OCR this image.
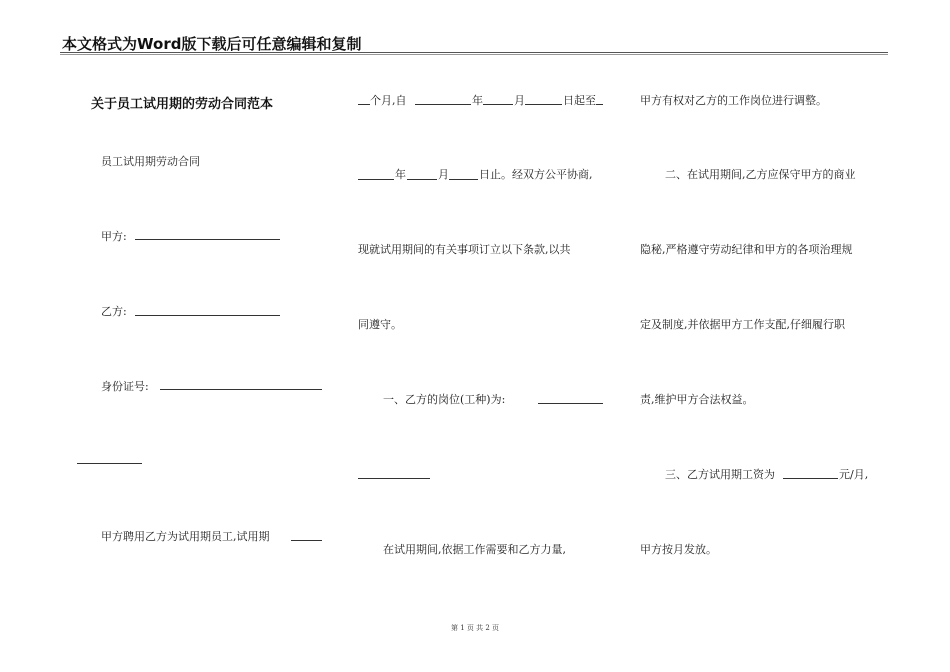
本文格式为Word版下载后可任意编辑和复制
关于员工试用期的劳动合同范本
员工试用期劳动合同
甲方:
乙方:
身份证号:
甲方聘用乙方为试用期员工,试用期
个月,自	年	月	日起至
年	月	日止。经双方公平协商,
现就试用期间的有关事项订立以下条款,以共
同遵守。
一、乙方的岗位(工种)为:
在试用期间,依据工作需要和乙方力量,
甲方有权对乙方的工作岗位进行调整。
二、在试用期间,乙方应保守甲方的商业
隐秘,严格遵守劳动纪律和甲方的各项治理规
定及制度,并依据甲方工作支配,仔细履行职
责,维护甲方合法权益。
三、乙方试用期工资为	元/月,
甲方按月发放。
第 1 页 共 2 页
